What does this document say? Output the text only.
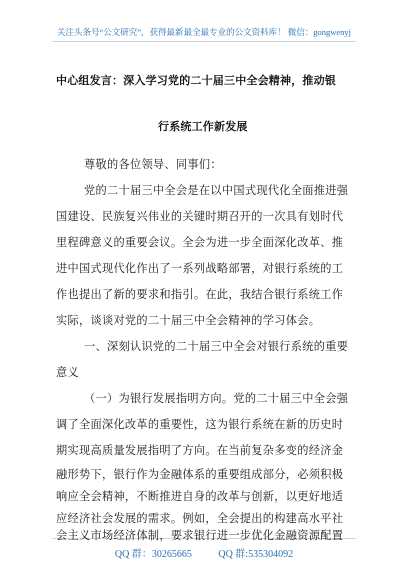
关注头条号“公文研究”，获得最新最全最专业的公文资料库！ 微信：gongwenyj
中心组发言：深入学习党的二十届三中全会精神，推动银
行系统工作新发展
尊敬的各位领导、同事们：
党的二十届三中全会是在以中国式现代化全面推进强
国建设、民族复兴伟业的关键时期召开的一次具有划时代
里程碑意义的重要会议。全会为进一步全面深化改革、推
进中国式现代化作出了一系列战略部署，对银行系统的工
作也提出了新的要求和指引。在此，我结合银行系统工作
实际，谈谈对党的二十届三中全会精神的学习体会。
一、深刻认识党的二十届三中全会对银行系统的重要
意义
（一）为银行发展指明方向。党的二十届三中全会强
调了全面深化改革的重要性，这为银行系统在新的历史时
期实现高质量发展指明了方向。在当前复杂多变的经济金
融形势下，银行作为金融体系的重要组成部分，必须积极
响应全会精神，不断推进自身的改革与创新，以更好地适
应经济社会发展的需求。例如，全会提出的构建高水平社
QQ 群：30265665	QQ 群:535304092
会主义市场经济体制，要求银行进一步优化金融资源配置
